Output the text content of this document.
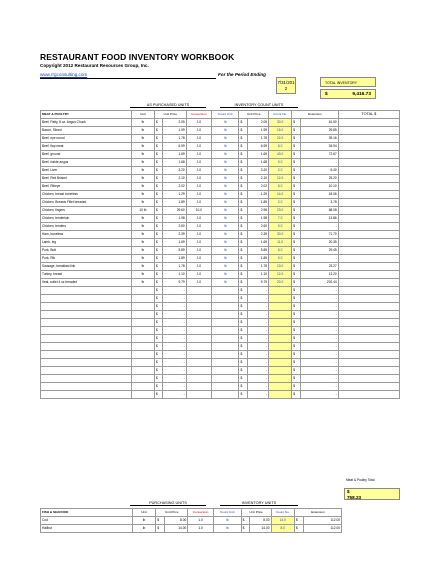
RESTAURANT FOOD INVENTORY WORKBOOK
Copyright 2012 Restaurant Resources Group, Inc.
www.rrgconsulting.com	For the Period Ending
7/31/201
2
TOTAL INVENTORY
$	9,416.73
AS PURCHASED UNITS	INVENTORY COUNT UNITS
MEAT & POULTRY	Unit	Unit Price		Conversion	Count Unit	Unit Price		Count No.	Extension		TOTAL $
Beef, Patty, 8 oz. Angus Chuck	lb	$	2.05	1.0	lb	$	2.05	30.0	$	61.50	
Bacon, Sliced	lb	$	1.99	1.0	lb	$	1.99	15.0	$	29.85	
Beef, eye round	lb	$	1.78	1.0	lb	$	1.78	22.0	$	39.16	
Beef, flap meat	lb	$	6.99	1.0	lb	$	6.99	5.0	$	34.94	
Beef, ground	lb	$	1.69	1.0	lb	$	1.69	43.0	$	72.67	
Beef, inside angus	lb	$	1.68	1.0	lb	$	1.68	0.0	$	-	
Beef, Liver	lb	$	3.20	1.0	lb	$	3.20	2.0	$	6.40	
Beef, Red Brisket	lb	$	2.10	1.0	lb	$	2.10	12.0	$	25.20	
Beef, Ribeye	lb	$	2.02	1.0	lb	$	2.02	5.0	$	10.10	
Chicken, breast boneless	lb	$	1.29	1.0	lb	$	1.29	14.0	$	18.06	
Chicken, Breasts Fillet breaded	lb	$	1.89	1.0	lb	$	1.89	2.0	$	3.78	
Chicken, fingers	10 lb	$	29.60	10.0	lb	$	2.96	23.0	$	68.08	
Chicken, tenderloin	lb	$	1.98	1.0	lb	$	1.98	7.0	$	13.86	
Chicken, tenders	lb	$	2.60	1.0	lb	$	2.60	0.0	$	-	
Ham, boneless	lb	$	2.39	1.0	lb	$	2.39	30.0	$	71.70	
Lamb, leg	lb	$	1.69	1.0	lb	$	1.69	11.0	$	20.35	
Pork, Butt	lb	$	5.89	1.0	lb	$	5.89	5.0	$	29.45	
Pork, Rib	lb	$	1.89	1.0	lb	$	1.89	0.0	$	-	
Sausage, breakfast link	lb	$	1.78	1.0	lb	$	1.78	13.0	$	23.27	
Turkey, breast	lb	$	1.10	1.0	lb	$	1.10	12.0	$	13.20	
Veal, cutlet 4 oz breaded	lb	$	9.79	1.0	lb	$	9.79	20.0	$	202.44	
		$	-			$	-		$	-	
		$	-			$	-		$	-	
		$	-			$	-		$	-	
		$	-			$	-		$	-	
		$	-			$	-		$	-	
		$	-			$	-		$	-	
		$	-			$	-		$	-	
		$	-			$	-		$	-	
		$	-			$	-		$	-	
		$	-			$	-		$	-	
		$	-			$	-		$	-	
		$	-			$	-		$	-	
		$	-			$	-		$	-	
		$	-			$	-		$	-	
Meat & Poultry Total
$
758.23
PURCHASING UNITS	INVENTORY UNITS
FISH & SEAFOOD	Unit	Unit Price		Conversion	Count Unit	Unit Price		Count No.	Extension	
Cod	lb	$	8.00	1.0	lb	$	8.00	14.0	$	112.00
Halibut	lb	$	14.00	1.0	lb	$	14.00	8.0	$	112.00
